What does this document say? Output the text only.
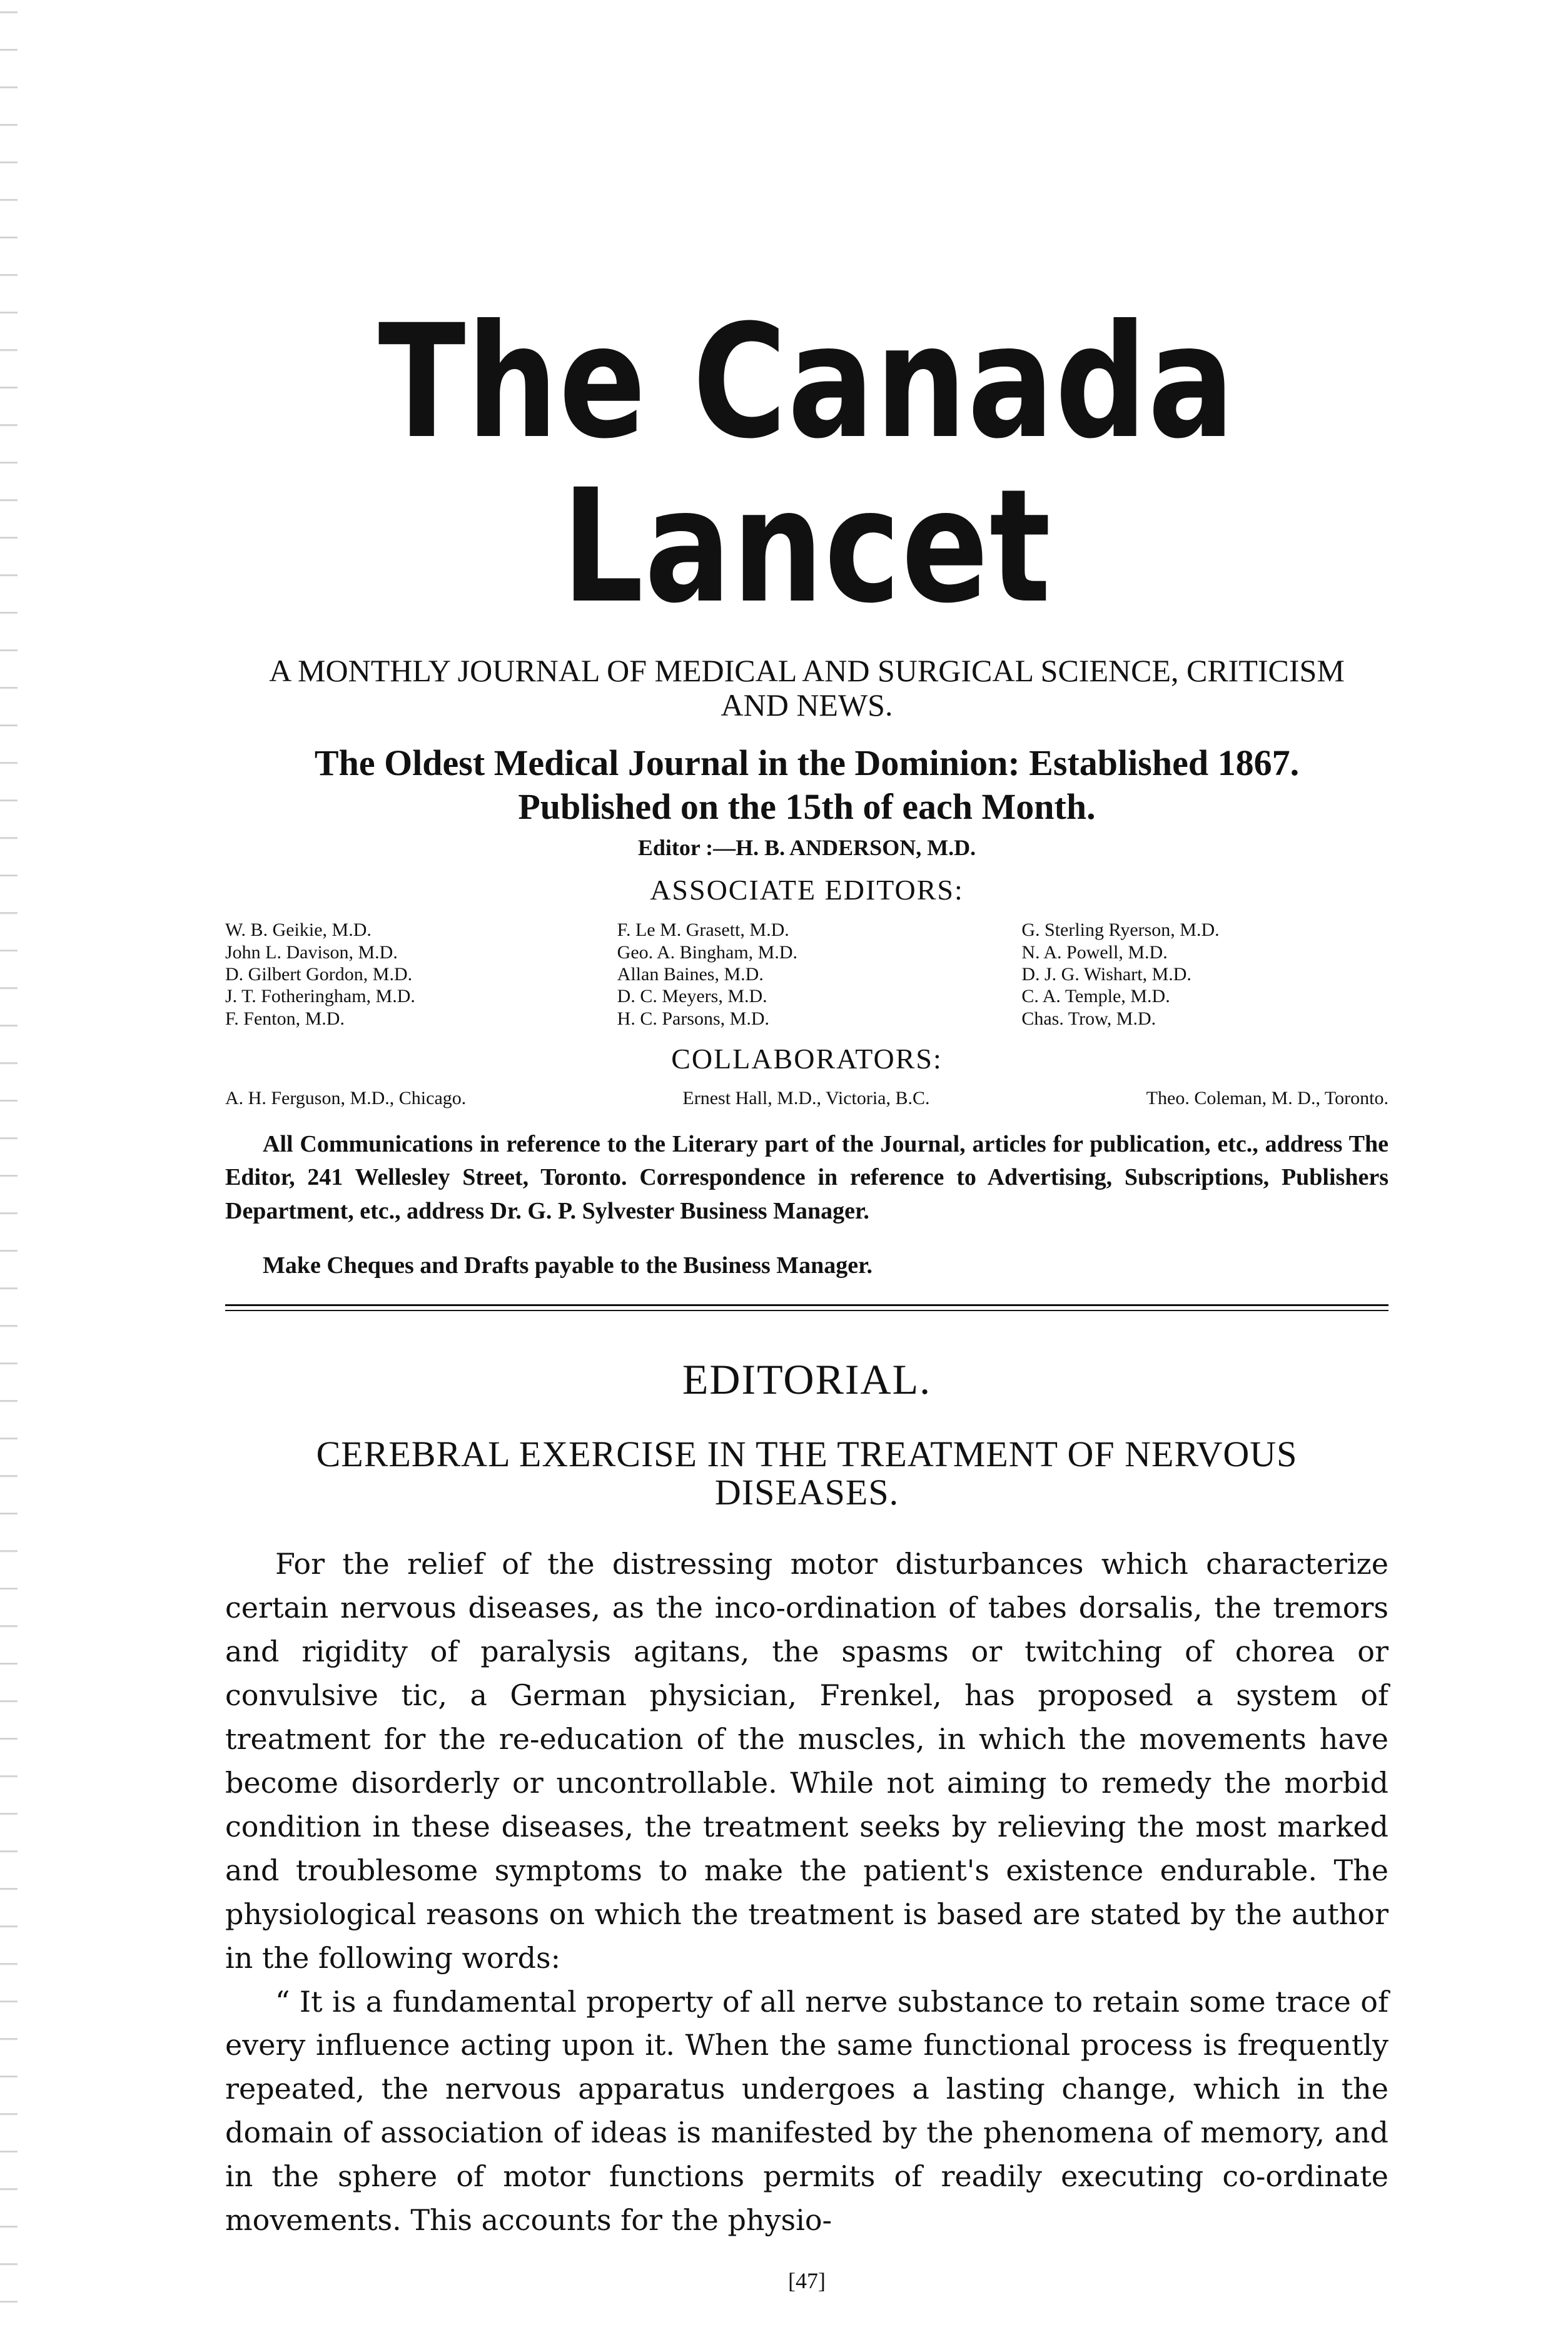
The Canada Lancet
A MONTHLY JOURNAL OF MEDICAL AND SURGICAL SCIENCE, CRITICISM
AND NEWS.
The Oldest Medical Journal in the Dominion: Established 1867.
Published on the 15th of each Month.
Editor :—H. B. ANDERSON, M.D.
ASSOCIATE EDITORS:
W. B. Geikie, M.D.
John L. Davison, M.D.
D. Gilbert Gordon, M.D.
J. T. Fotheringham, M.D.
F. Fenton, M.D.
F. Le M. Grasett, M.D.
Geo. A. Bingham, M.D.
Allan Baines, M.D.
D. C. Meyers, M.D.
H. C. Parsons, M.D.
G. Sterling Ryerson, M.D.
N. A. Powell, M.D.
D. J. G. Wishart, M.D.
C. A. Temple, M.D.
Chas. Trow, M.D.
COLLABORATORS:
A. H. Ferguson, M.D., Chicago.	Ernest Hall, M.D., Victoria, B.C.	Theo. Coleman, M. D., Toronto.

All Communications in reference to the Literary part of the Journal, articles for publication, etc., address The Editor, 241 Wellesley Street, Toronto. Correspondence in reference to Advertising, Subscriptions, Publishers Department, etc., address Dr. G. P. Sylvester Business Manager.

Make Cheques and Drafts payable to the Business Manager.
EDITORIAL.
CEREBRAL EXERCISE IN THE TREATMENT OF NERVOUS
DISEASES.

For the relief of the distressing motor disturbances which characterize certain nervous diseases, as the inco-ordination of tabes dorsalis, the tremors and rigidity of paralysis agitans, the spasms or twitching of chorea or convulsive tic, a German physician, Frenkel, has proposed a system of treatment for the re-education of the muscles, in which the movements have become disorderly or uncontrollable. While not aiming to remedy the morbid condition in these diseases, the treatment seeks by relieving the most marked and troublesome symptoms to make the patient's existence endurable. The physiological reasons on which the treatment is based are stated by the author in the following words:

“ It is a fundamental property of all nerve substance to retain some trace of every influence acting upon it. When the same functional process is frequently repeated, the nervous apparatus undergoes a lasting change, which in the domain of association of ideas is manifested by the phenomena of memory, and in the sphere of motor functions permits of readily executing co-ordinate movements. This accounts for the physio-

[47]
